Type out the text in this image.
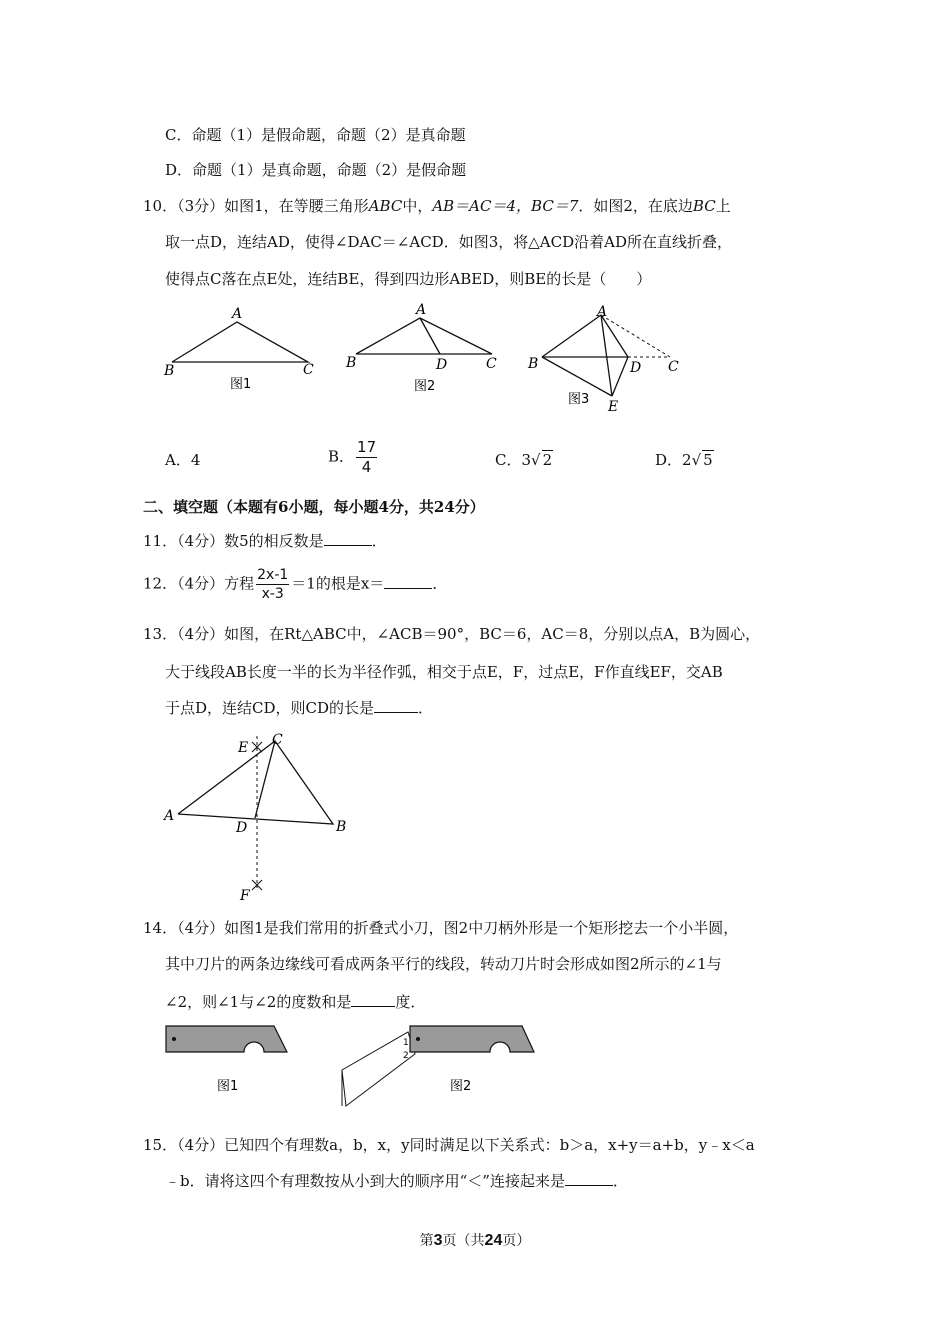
C．命题（1）是假命题，命题（2）是真命题
D．命题（1）是真命题，命题（2）是假命题
10．（3分）如图1，在等腰三角形ABC中，AB＝AC＝4，BC＝7．如图2，在底边BC上
取一点D，连结AD，使得∠DAC＝∠ACD．如图3，将△ACD沿着AD所在直线折叠，
使得点C落在点E处，连结BE，得到四边形ABED，则BE的长是（　　）
A
B	C
图1
A
B	D	C
图2
A
B	D C
E
图3
A．4	B． $\frac{17}{4}$	C．3√ 2	D．2√ 5
二、填空题（本题有6小题，每小题4分，共24分）
11．（4分）数5的相反数是	．
12．（4分）方程 $\frac{2x-1}{x-3} =1$的根是x＝	．
13．（4分）如图，在Rt△ABC中，∠ACB＝90°，BC＝6，AC＝8，分别以点A，B为圆心，
大于线段AB长度一半的长为半径作弧，相交于点E，F，过点E，F作直线EF，交AB
于点D，连结CD，则CD的长是	．
E C
A
D	B
F
14．（4分）如图1是我们常用的折叠式小刀，图2中刀柄外形是一个矩形挖去一个小半圆，
其中刀片的两条边缘线可看成两条平行的线段，转动刀片时会形成如图2所示的∠1与
∠2，则∠1与∠2的度数和是	度．
图1
1
2
图2
15．（4分）已知四个有理数a，b，x，y同时满足以下关系式：b＞a，x+y＝a+b，y﹣x＜a
﹣b．请将这四个有理数按从小到大的顺序用“＜”连接起来是	．
第3页（共24页）
